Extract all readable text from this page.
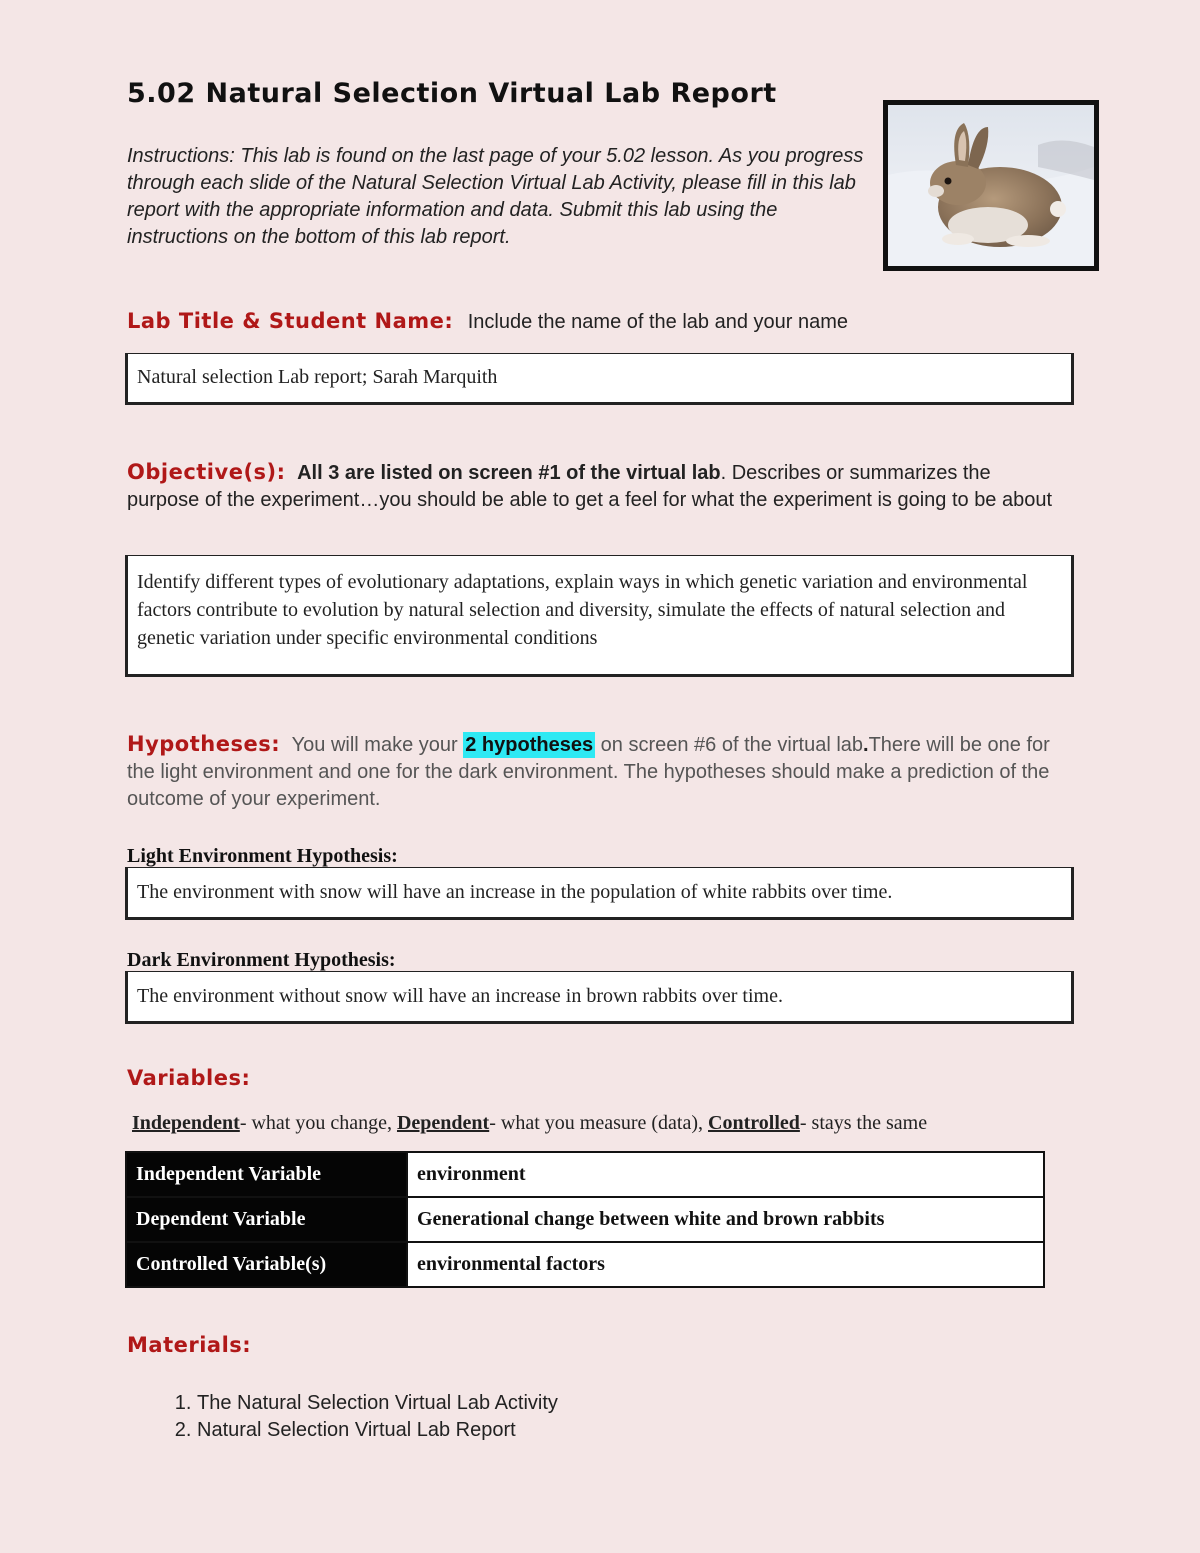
5.02 Natural Selection Virtual Lab Report

Instructions: This lab is found on the last page of your 5.02 lesson. As you progress through each slide of the Natural Selection Virtual Lab Activity, please fill in this lab report with the appropriate information and data. Submit this lab using the instructions on the bottom of this lab report.

Lab Title & Student Name: Include the name of the lab and your name
Natural selection Lab report; Sarah Marquith
Objective(s): All 3 are listed on screen #1 of the virtual lab. Describes or summarizes the purpose of the experiment…you should be able to get a feel for what the experiment is going to be about
Identify different types of evolutionary adaptations, explain ways in which genetic variation and environmental factors contribute to evolution by natural selection and diversity, simulate the effects of natural selection and genetic variation under specific environmental conditions
Hypotheses: You will make your 2 hypotheses on screen #6 of the virtual lab.There will be one for the light environment and one for the dark environment. The hypotheses should make a prediction of the outcome of your experiment.
Light Environment Hypothesis:
The environment with snow will have an increase in the population of white rabbits over time.
Dark Environment Hypothesis:
The environment without snow will have an increase in brown rabbits over time.
Variables:
Independent- what you change, Dependent- what you measure (data), Controlled- stays the same
Independent Variable	environment
Dependent Variable	Generational change between white and brown rabbits
Controlled Variable(s)	environmental factors
Materials:
1. The Natural Selection Virtual Lab Activity
2. Natural Selection Virtual Lab Report
